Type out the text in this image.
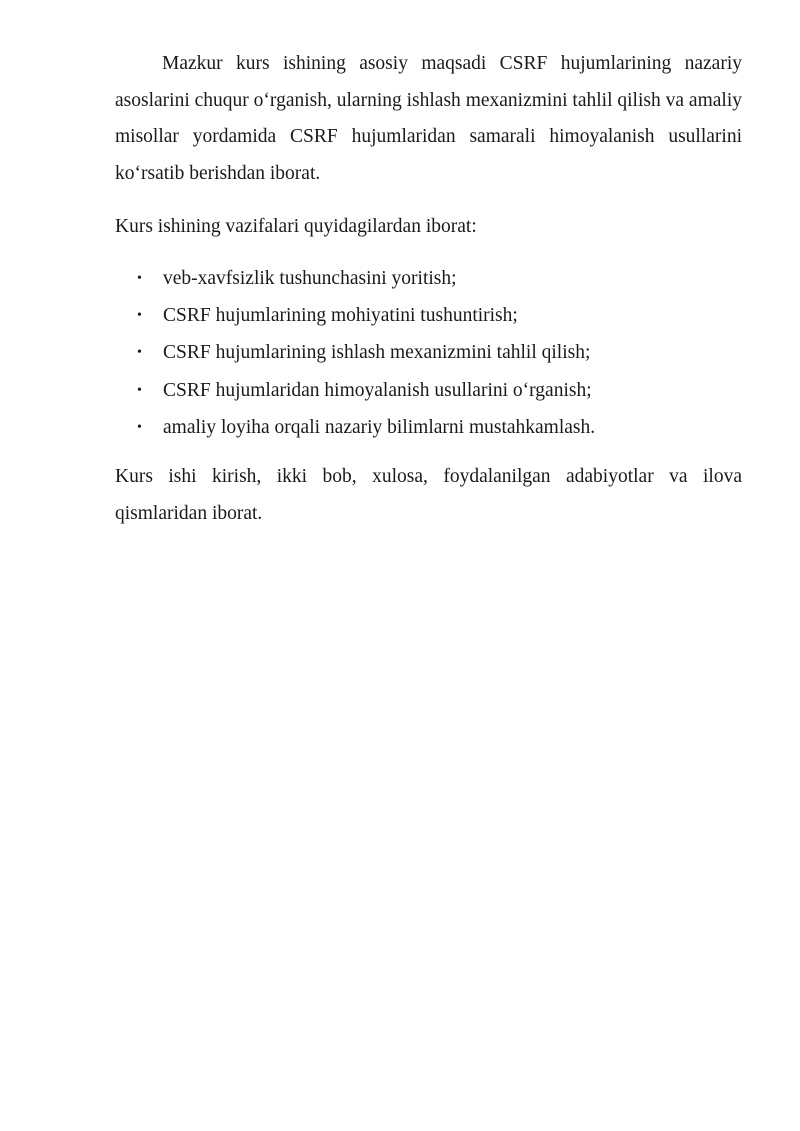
Mazkur kurs ishining asosiy maqsadi CSRF hujumlarining nazariy asoslarini chuqur o‘rganish, ularning ishlash mexanizmini tahlil qilish va amaliy misollar yordamida CSRF hujumlaridan samarali himoyalanish usullarini ko‘rsatib berishdan iborat.

Kurs ishining vazifalari quyidagilardan iborat:

• veb-xavfsizlik tushunchasini yoritish;
• CSRF hujumlarining mohiyatini tushuntirish;
• CSRF hujumlarining ishlash mexanizmini tahlil qilish;
• CSRF hujumlaridan himoyalanish usullarini o‘rganish;
• amaliy loyiha orqali nazariy bilimlarni mustahkamlash.

Kurs ishi kirish, ikki bob, xulosa, foydalanilgan adabiyotlar va ilova qismlaridan iborat.
